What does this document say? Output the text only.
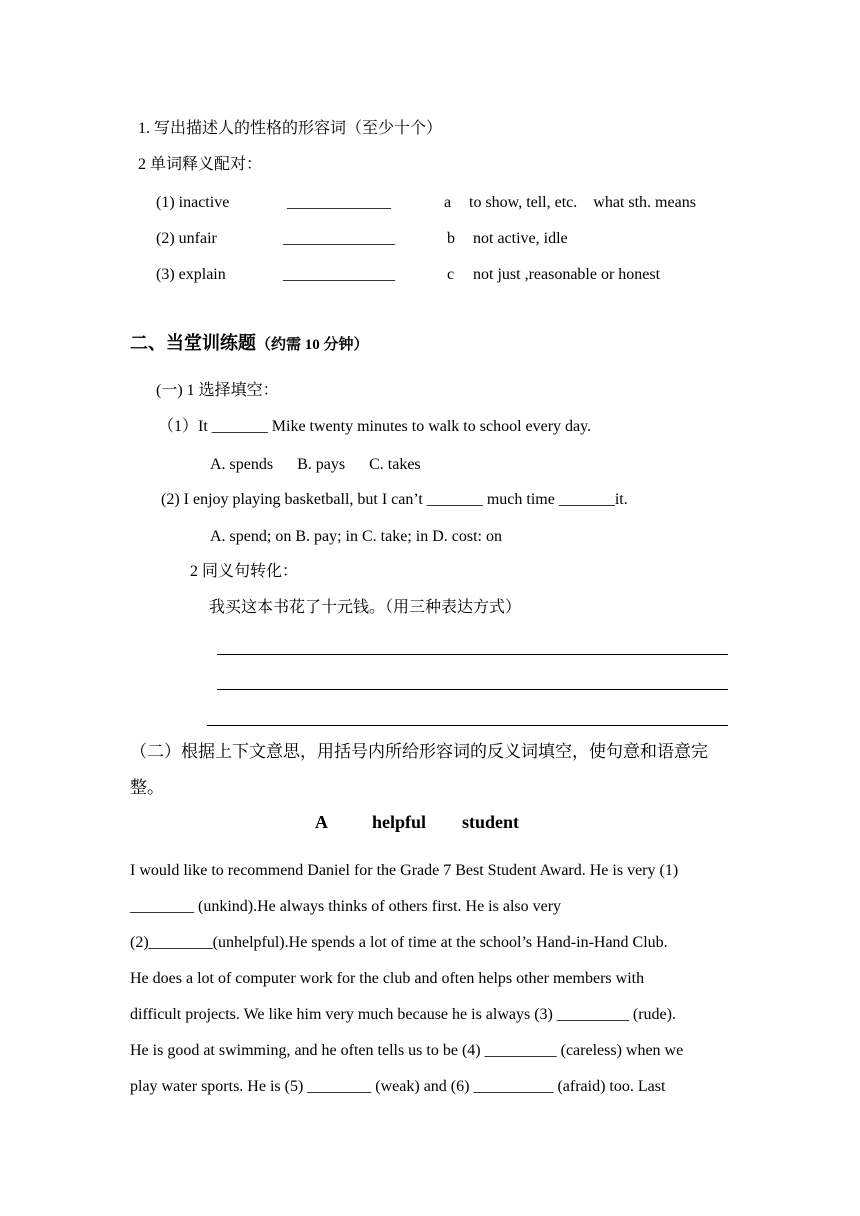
1. 写出描述人的性格的形容词（至少十个）
2 单词释义配对：
(1) inactive	_____________	a to show, tell, etc.    what sth. means
(2) unfair	______________	b not active, idle
(3) explain	______________	c not just ,reasonable or honest
二、当堂训练题（约需 10 分钟）
(一) 1 选择填空：
（1）It _______ Mike twenty minutes to walk to school every day.
A. spends      B. pays      C. takes
(2) I enjoy playing basketball, but I can’t _______ much time _______it.
A. spend; on B. pay; in C. take; in D. cost: on
2 同义句转化：
我买这本书花了十元钱。（用三种表达方式）
（二）根据上下文意思，用括号内所给形容词的反义词填空，使句意和语意完
整。
A          helpful        student
I would like to recommend Daniel for the Grade 7 Best Student Award. He is very (1)
________ (unkind).He always thinks of others first. He is also very
(2)________(unhelpful).He spends a lot of time at the school’s Hand-in-Hand Club.
He does a lot of computer work for the club and often helps other members with
difficult projects. We like him very much because he is always (3) _________ (rude).
He is good at swimming, and he often tells us to be (4) _________ (careless) when we
play water sports. He is (5) ________ (weak) and (6) __________ (afraid) too. Last
